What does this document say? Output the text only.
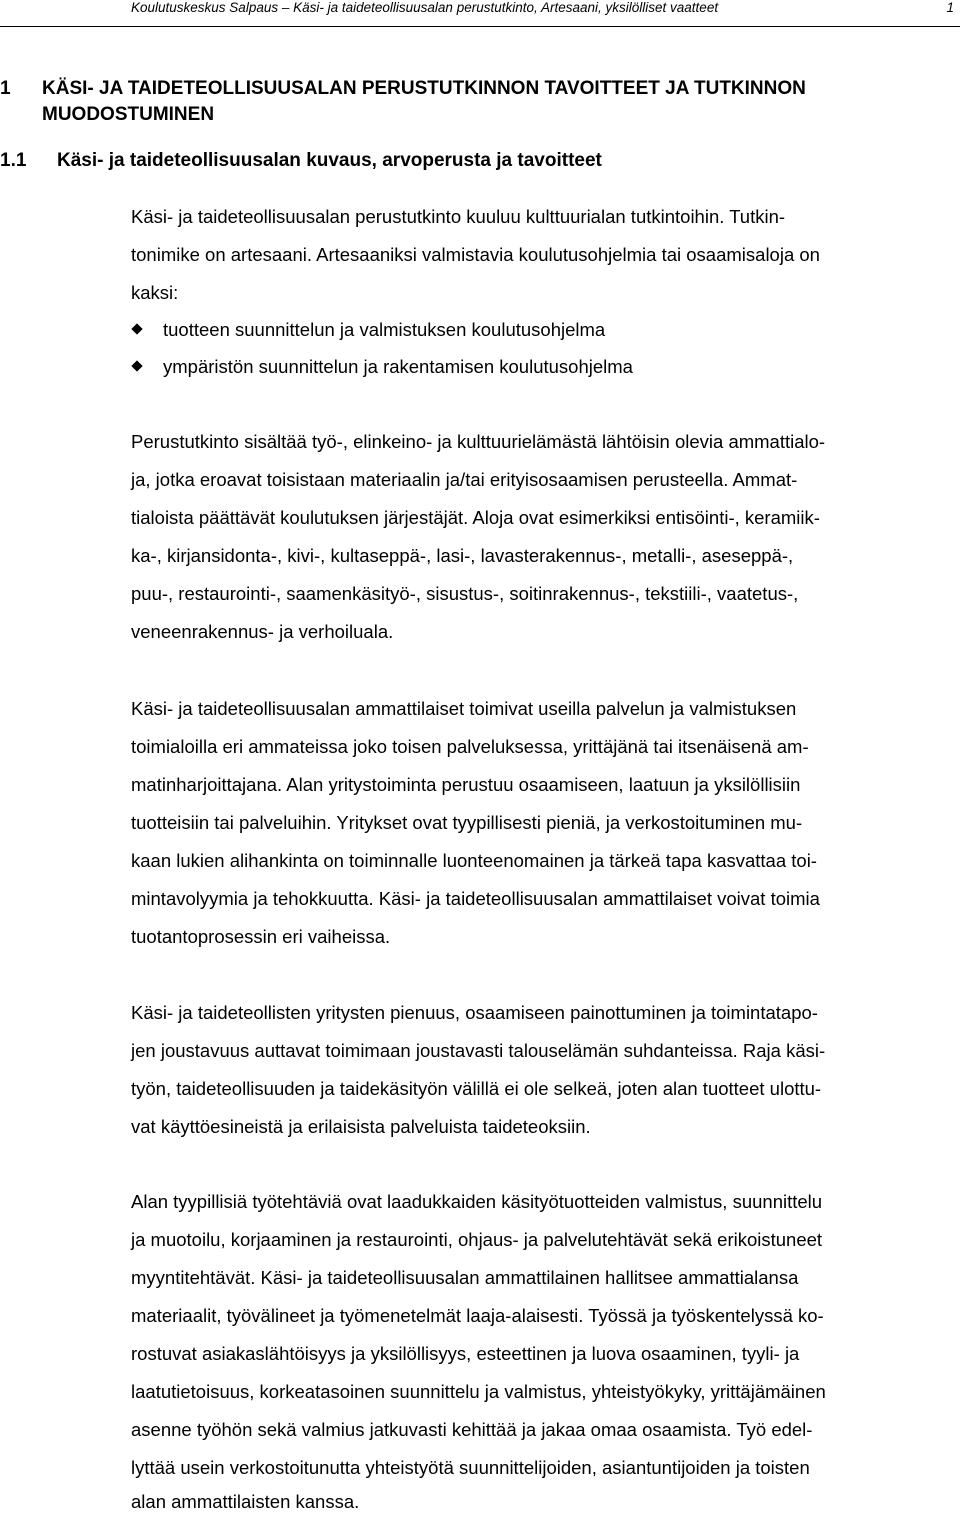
Koulutuskeskus Salpaus – Käsi- ja taideteollisuusalan perustutkinto, Artesaani, yksilölliset vaatteet	1
1 KÄSI- JA TAIDETEOLLISUUSALAN PERUSTUTKINNON TAVOITTEET JA TUTKINNON
MUODOSTUMINEN
1.1 Käsi- ja taideteollisuusalan kuvaus, arvoperusta ja tavoitteet
Käsi- ja taideteollisuusalan perustutkinto kuuluu kulttuurialan tutkintoihin. Tutkin-
tonimike on artesaani. Artesaaniksi valmistavia koulutusohjelmia tai osaamisaloja on
kaksi:
tuotteen suunnittelun ja valmistuksen koulutusohjelma
ympäristön suunnittelun ja rakentamisen koulutusohjelma
Perustutkinto sisältää työ-, elinkeino- ja kulttuurielämästä lähtöisin olevia ammattialo-
ja, jotka eroavat toisistaan materiaalin ja/tai erityisosaamisen perusteella. Ammat-
tialoista päättävät koulutuksen järjestäjät. Aloja ovat esimerkiksi entisöinti-, keramiik-
ka-, kirjansidonta-, kivi-, kultaseppä-, lasi-, lavasterakennus-, metalli-, aseseppä-,
puu-, restaurointi-, saamenkäsityö-, sisustus-, soitinrakennus-, tekstiili-, vaatetus-,
veneenrakennus- ja verhoiluala.
Käsi- ja taideteollisuusalan ammattilaiset toimivat useilla palvelun ja valmistuksen
toimialoilla eri ammateissa joko toisen palveluksessa, yrittäjänä tai itsenäisenä am-
matinharjoittajana. Alan yritystoiminta perustuu osaamiseen, laatuun ja yksilöllisiin
tuotteisiin tai palveluihin. Yritykset ovat tyypillisesti pieniä, ja verkostoituminen mu-
kaan lukien alihankinta on toiminnalle luonteenomainen ja tärkeä tapa kasvattaa toi-
mintavolyymia ja tehokkuutta. Käsi- ja taideteollisuusalan ammattilaiset voivat toimia
tuotantoprosessin eri vaiheissa.
Käsi- ja taideteollisten yritysten pienuus, osaamiseen painottuminen ja toimintatapo-
jen joustavuus auttavat toimimaan joustavasti talouselämän suhdanteissa. Raja käsi-
työn, taideteollisuuden ja taidekäsityön välillä ei ole selkeä, joten alan tuotteet ulottu-
vat käyttöesineistä ja erilaisista palveluista taideteoksiin.
Alan tyypillisiä työtehtäviä ovat laadukkaiden käsityötuotteiden valmistus, suunnittelu
ja muotoilu, korjaaminen ja restaurointi, ohjaus- ja palvelutehtävät sekä erikoistuneet
myyntitehtävät. Käsi- ja taideteollisuusalan ammattilainen hallitsee ammattialansa
materiaalit, työvälineet ja työmenetelmät laaja-alaisesti. Työssä ja työskentelyssä ko-
rostuvat asiakaslähtöisyys ja yksilöllisyys, esteettinen ja luova osaaminen, tyyli- ja
laatutietoisuus, korkeatasoinen suunnittelu ja valmistus, yhteistyökyky, yrittäjämäinen
asenne työhön sekä valmius jatkuvasti kehittää ja jakaa omaa osaamista. Työ edel-
lyttää usein verkostoitunutta yhteistyötä suunnittelijoiden, asiantuntijoiden ja toisten
alan ammattilaisten kanssa.
